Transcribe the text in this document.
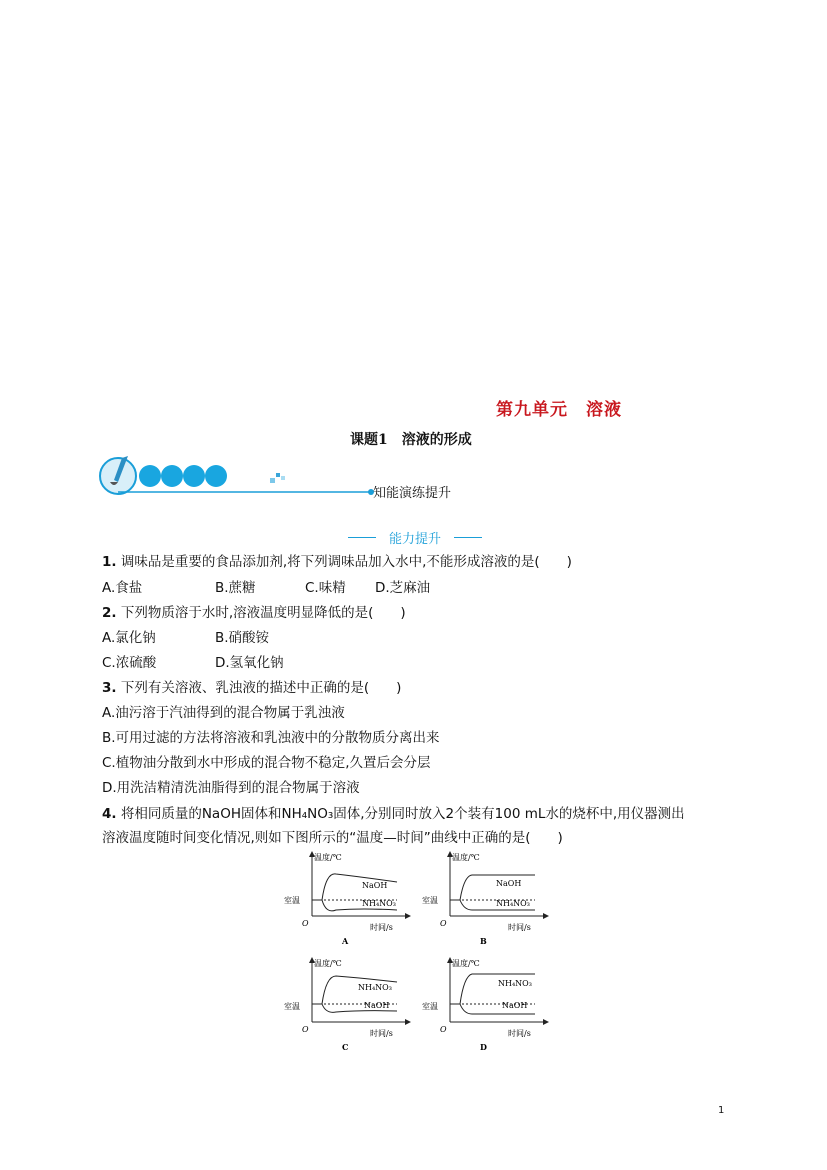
第九单元　溶液
课题1　溶液的形成
知能演练提升
能力提升
1. 调味品是重要的食品添加剂,将下列调味品加入水中,不能形成溶液的是(　　)
A.食盐	B.蔗糖	C.味精 D.芝麻油
2. 下列物质溶于水时,溶液温度明显降低的是(　　)
A.氯化钠	B.硝酸铵
C.浓硫酸	D.氢氧化钠
3. 下列有关溶液、乳浊液的描述中正确的是(　　)
A.油污溶于汽油得到的混合物属于乳浊液
B.可用过滤的方法将溶液和乳浊液中的分散物质分离出来
C.植物油分散到水中形成的混合物不稳定,久置后会分层
D.用洗洁精清洗油脂得到的混合物属于溶液
4. 将相同质量的NaOH固体和NH₄NO₃固体,分别同时放入2个装有100 mL水的烧杯中,用仪器测出
溶液温度随时间变化情况,则如下图所示的“温度—时间”曲线中正确的是(　　)
温度/℃
时间/s
室温
O
NaOH
NH₄NO₃
A
温度/℃
时间/s
室温
O
NaOH
NH₄NO₃
B
温度/℃
时间/s
室温
O
NH₄NO₃
NaOH
C
温度/℃
时间/s
室温
O
NH₄NO₃
NaOH
D
1
